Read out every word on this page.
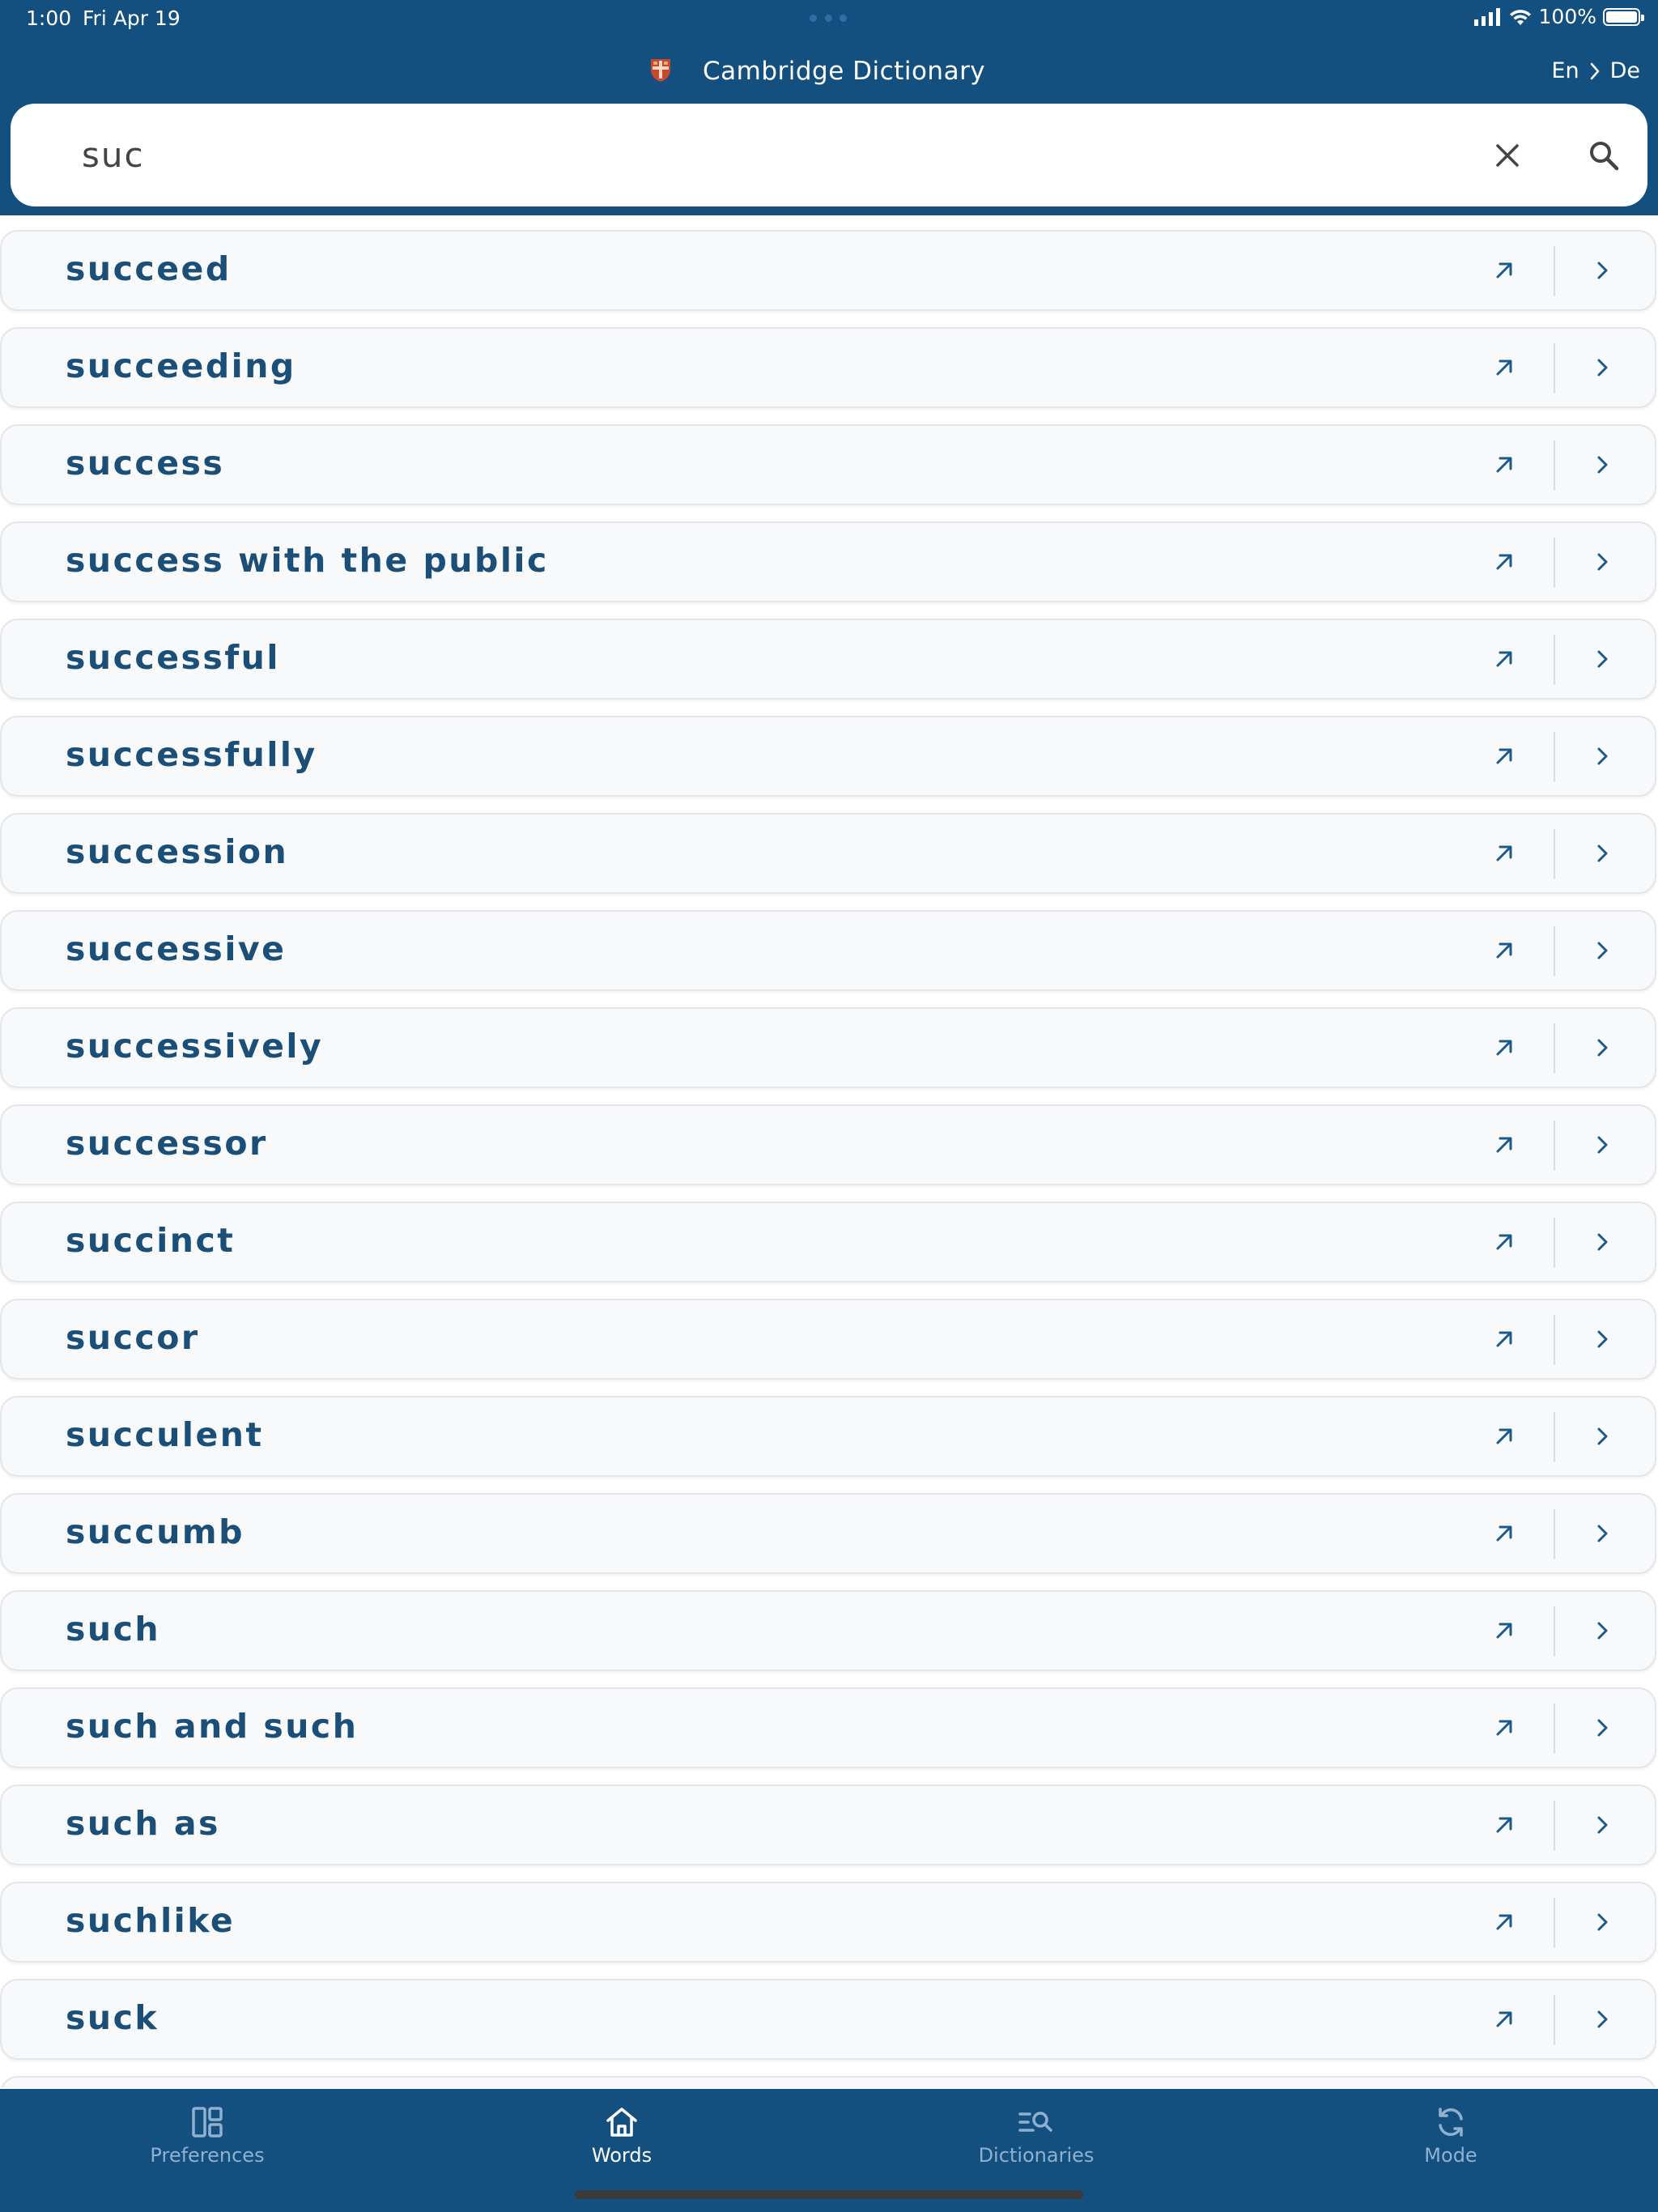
1:00 Fri Apr 19	100%
Cambridge Dictionary	En De
suc
succeed
succeeding
success
success with the public
successful
successfully
succession
successive
successively
successor
succinct
succor
succulent
succumb
such
such and such
such as
suchlike
suck
Preferences	Words	Dictionaries	Mode
